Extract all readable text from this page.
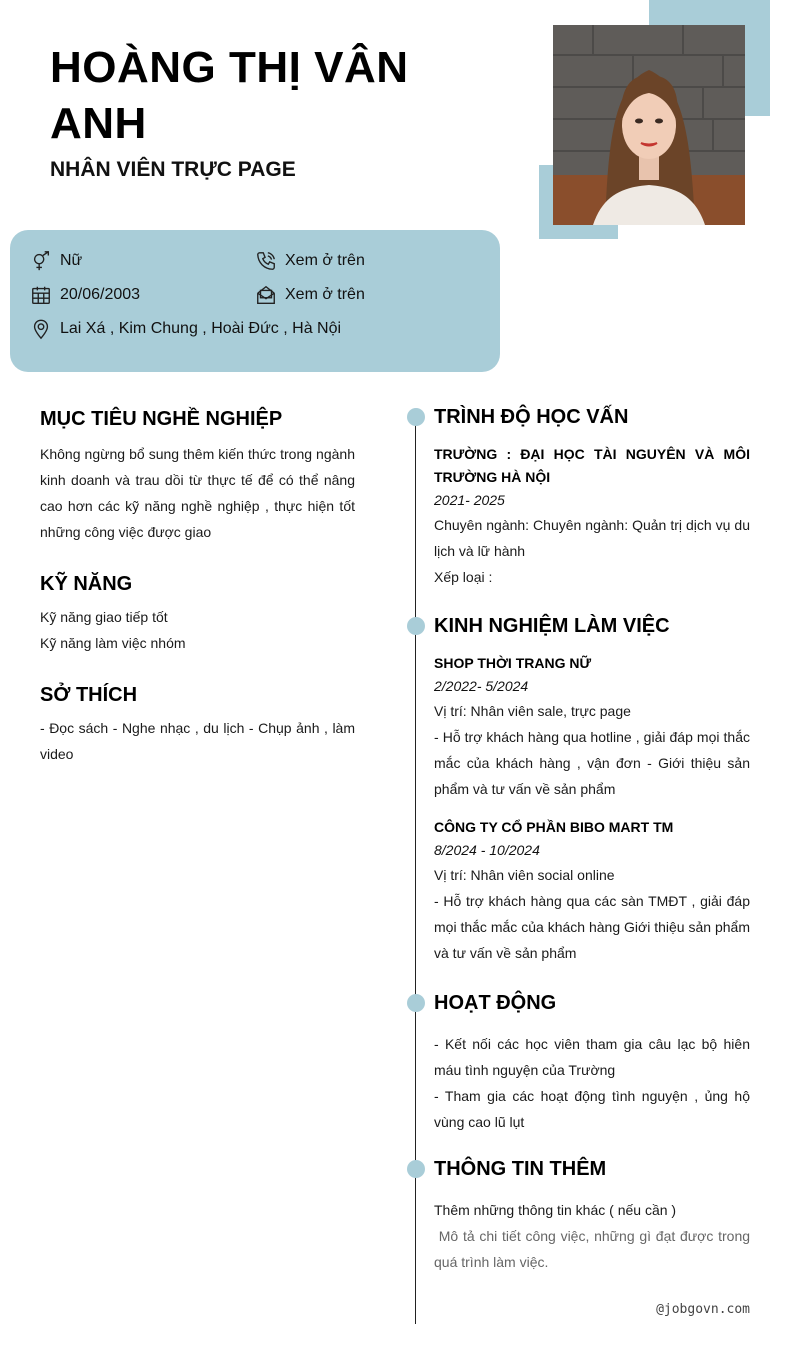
HOÀNG THỊ VÂN ANH
NHÂN VIÊN TRỰC PAGE
Nữ	Xem ở trên
20/06/2003	Xem ở trên
Lai Xá , Kim Chung , Hoài Đức , Hà Nội
MỤC TIÊU NGHỀ NGHIỆP
Không ngừng bổ sung thêm kiến thức trong ngành kinh doanh và trau dồi từ thực tế để có thể nâng cao hơn các kỹ năng nghề nghiệp , thực hiện tốt những công việc được giao
KỸ NĂNG
Kỹ năng giao tiếp tốt
Kỹ năng làm việc nhóm
SỞ THÍCH
- Đọc sách - Nghe nhạc , du lịch - Chụp ảnh , làm video
TRÌNH ĐỘ HỌC VẤN
TRƯỜNG : ĐẠI HỌC TÀI NGUYÊN VÀ MÔI TRƯỜNG HÀ NỘI
2021- 2025
Chuyên ngành: Chuyên ngành: Quản trị dịch vụ du lịch và lữ hành
Xếp loại :
KINH NGHIỆM LÀM VIỆC
SHOP THỜI TRANG NỮ
2/2022- 5/2024
Vị trí: Nhân viên sale, trực page
- Hỗ trợ khách hàng qua hotline , giải đáp mọi thắc mắc của khách hàng , vận đơn - Giới thiệu sản phẩm và tư vấn về sản phẩm
CÔNG TY CỔ PHẦN BIBO MART TM
8/2024 - 10/2024
Vị trí: Nhân viên social online
- Hỗ trợ khách hàng qua các sàn TMĐT , giải đáp mọi thắc mắc của khách hàng Giới thiệu sản phẩm và tư vấn về sản phẩm
HOẠT ĐỘNG
- Kết nối các học viên tham gia câu lạc bộ hiên máu tình nguyện của Trường
- Tham gia các hoạt động tình nguyện , ủng hộ vùng cao lũ lụt
THÔNG TIN THÊM
Thêm những thông tin khác ( nếu cần )
Mô tả chi tiết công việc, những gì đạt được trong quá trình làm việc.
@jobgovn.com
